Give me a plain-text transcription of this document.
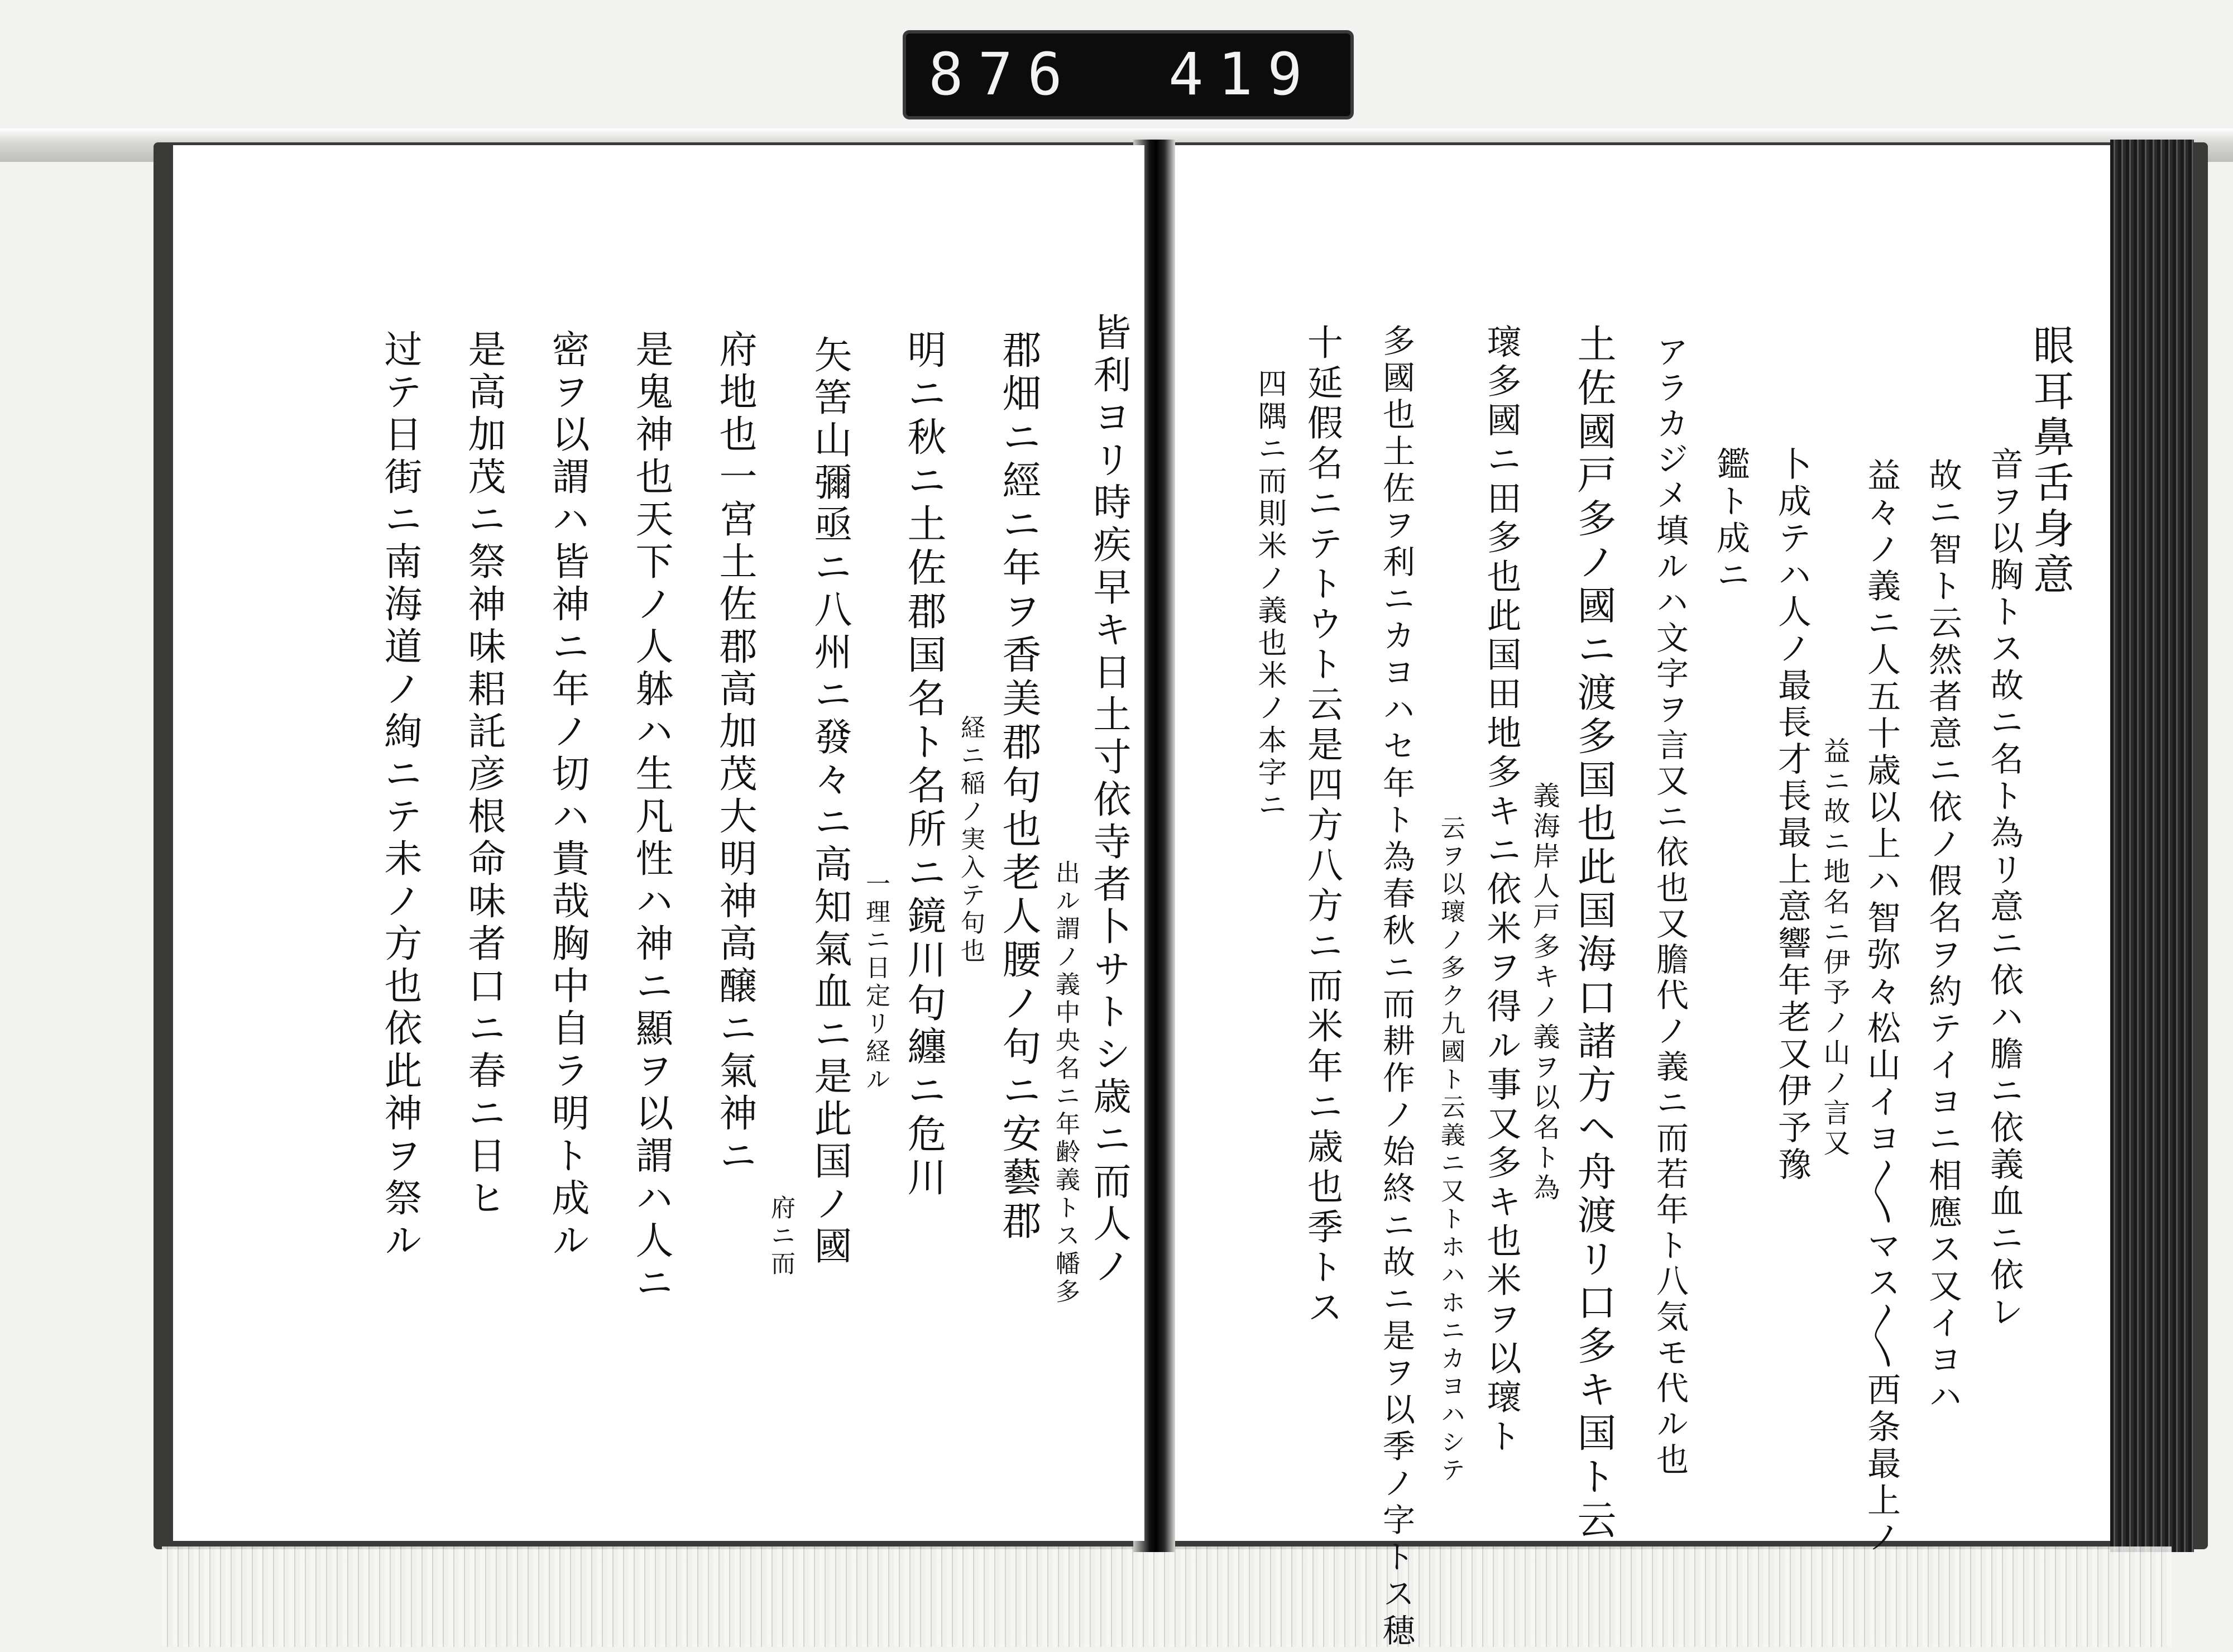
876 419
眼耳鼻舌身意
音ヲ以胸トス故ニ名ト為リ意ニ依ハ膽ニ依義血ニ依レ
故ニ智ト云然者意ニ依ノ假名ヲ約テイヨニ相應ス又イヨハ
益々ノ義ニ人五十歳以上ハ智弥々松山イヨ〳〵マス〳〵西条最上ノ
益ニ故ニ地名ニ伊予ノ山ノ言又
卜成テハ人ノ最長才長最上意響年老又伊予豫
鑑ト成ニ
アラカジメ填ルハ文字ヲ言又ニ依也又膽代ノ義ニ而若年ト八気モ代ル也
土佐國戸多ノ國ニ渡多国也此国海口諸方ヘ舟渡リ口多キ国ト云
義海岸人戸多キノ義ヲ以名ト為
瓌多國ニ田多也此国田地多キニ依米ヲ得ル事又多キ也米ヲ以瓌ト
云ヲ以瓌ノ多ク九國ト云義ニ又トホハホニカヨハシテ
多國也土佐ヲ利ニカヨハセ年ト為春秋ニ而耕作ノ始終ニ故ニ是ヲ以季ノ字トス穂
十延假名ニテトウト云是四方八方ニ而米年ニ歳也季トス
四隅ニ而則米ノ義也米ノ本字ニ
皆利ヨリ時疾早キ日土寸依寺者卜サトシ歳ニ而人ノ
出ル謂ノ義中央名ニ年齢義トス幡多
郡畑ニ經ニ年ヲ香美郡句也老人腰ノ句ニ安藝郡
経ニ稲ノ実入テ句也
明ニ秋ニ土佐郡国名ト名所ニ鏡川句纏ニ危川
一理ニ日定リ経ル
矢筈山彌亟ニ八州ニ發々ニ高知氣血ニ是此国ノ國
府ニ而
府地也一宮土佐郡高加茂大明神高醸ニ氣神ニ
是鬼神也天下ノ人躰ハ生凡性ハ神ニ顯ヲ以謂ハ人ニ
密ヲ以謂ハ皆神ニ年ノ切ハ貴哉胸中自ラ明ト成ル
是高加茂ニ祭神味耜託彦根命味者口ニ春ニ日ヒ
过テ日街ニ南海道ノ絢ニテ未ノ方也依此神ヲ祭ル
